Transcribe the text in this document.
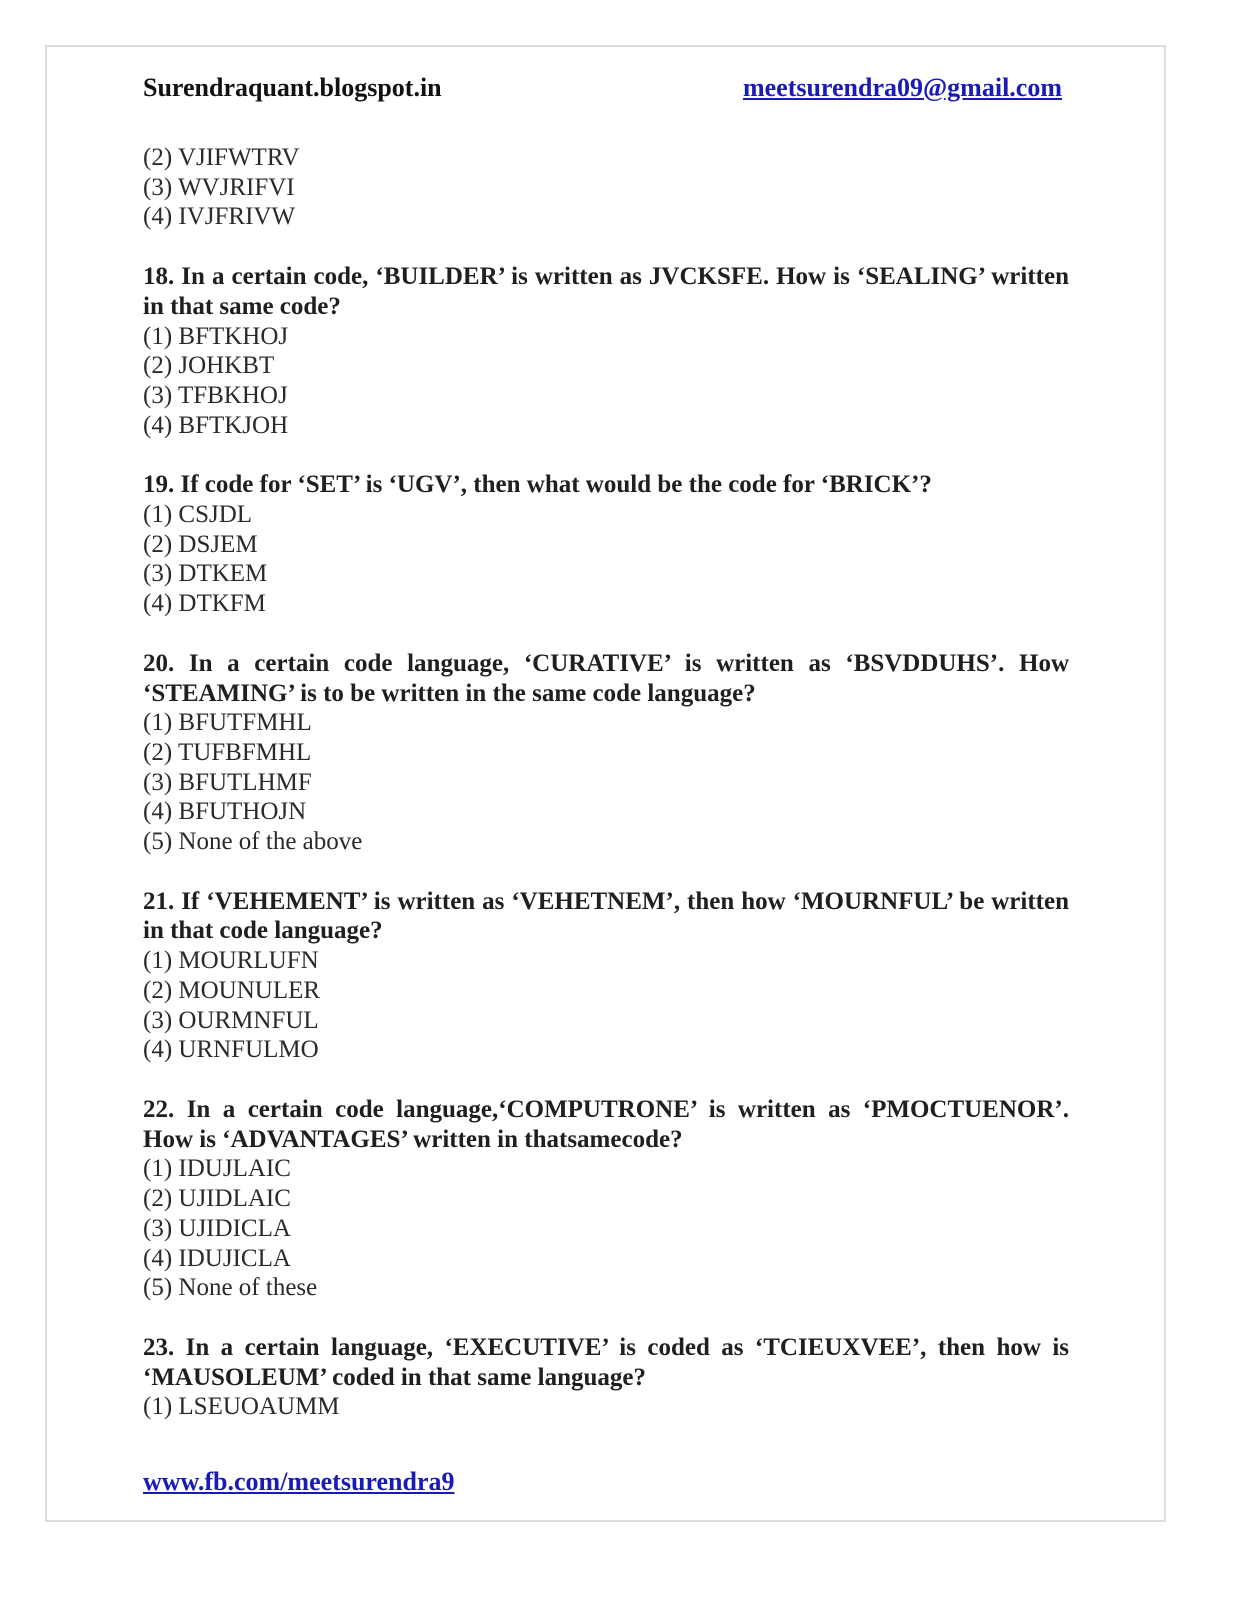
Surendraquant.blogspot.in	meetsurendra09@gmail.com
(2) VJIFWTRV
(3) WVJRIFVI
(4) IVJFRIVW

18. In a certain code, ‘BUILDER’ is written as JVCKSFE. How is ‘SEALING’ written in that same code?

(1) BFTKHOJ
(2) JOHKBT
(3) TFBKHOJ
(4) BFTKJOH

19. If code for ‘SET’ is ‘UGV’, then what would be the code for ‘BRICK’?

(1) CSJDL
(2) DSJEM
(3) DTKEM
(4) DTKFM

20. In a certain code language, ‘CURATIVE’ is written as ‘BSVDDUHS’. How ‘STEAMING’ is to be written in the same code language?

(1) BFUTFMHL
(2) TUFBFMHL
(3) BFUTLHMF
(4) BFUTHOJN
(5) None of the above

21. If ‘VEHEMENT’ is written as ‘VEHETNEM’, then how ‘MOURNFUL’ be written in that code language?

(1) MOURLUFN
(2) MOUNULER
(3) OURMNFUL
(4) URNFULMO

22. In a certain code language,‘COMPUTRONE’ is written as ‘PMOCTUENOR’. How is ‘ADVANTAGES’ written in thatsamecode?

(1) IDUJLAIC
(2) UJIDLAIC
(3) UJIDICLA
(4) IDUJICLA
(5) None of these

23. In a certain language, ‘EXECUTIVE’ is coded as ‘TCIEUXVEE’, then how is ‘MAUSOLEUM’ coded in that same language?

(1) LSEUOAUMM
www.fb.com/meetsurendra9
